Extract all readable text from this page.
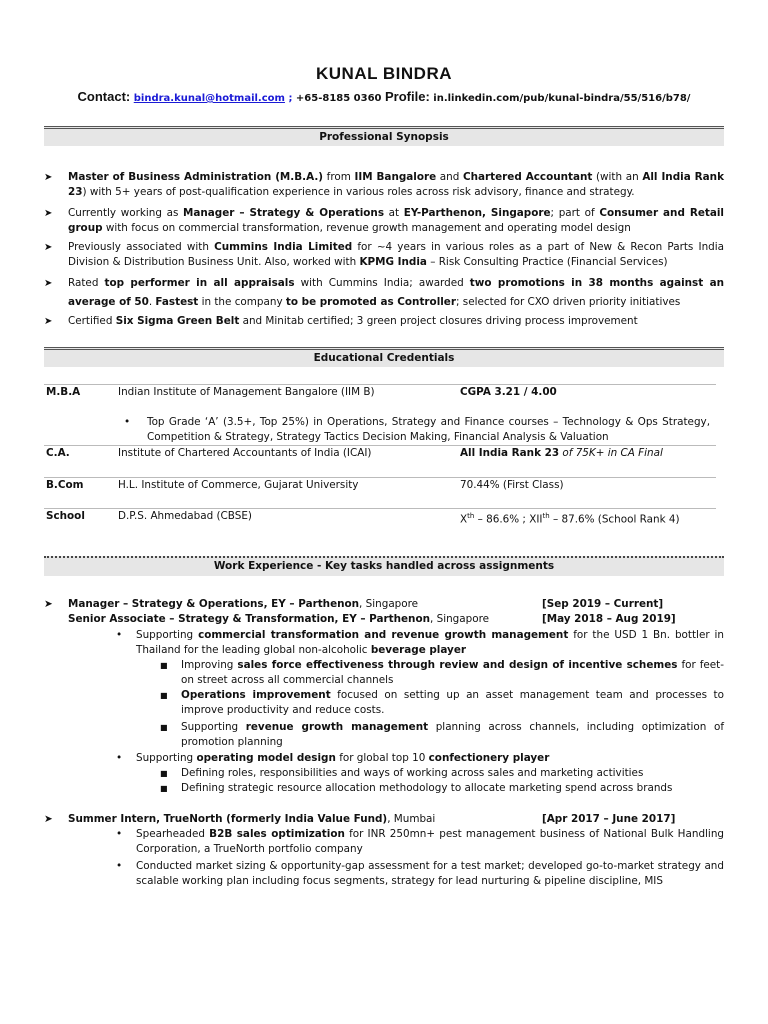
KUNAL BINDRA
Contact: bindra.kunal@hotmail.com ; +65-8185 0360 Profile: in.linkedin.com/pub/kunal-bindra/55/516/b78/
Professional Synopsis
➤ Master of Business Administration (M.B.A.) from IIM Bangalore and Chartered Accountant (with an All India Rank 23) with 5+ years of post-qualification experience in various roles across risk advisory, finance and strategy.
➤ Currently working as Manager – Strategy & Operations at EY-Parthenon, Singapore; part of Consumer and Retail group with focus on commercial transformation, revenue growth management and operating model design
➤ Previously associated with Cummins India Limited for ~4 years in various roles as a part of New & Recon Parts India Division & Distribution Business Unit. Also, worked with KPMG India – Risk Consulting Practice (Financial Services)
➤ Rated top performer in all appraisals with Cummins India; awarded two promotions in 38 months against an average of 50. Fastest in the company to be promoted as Controller; selected for CXO driven priority initiatives
➤ Certified Six Sigma Green Belt and Minitab certified; 3 green project closures driving process improvement
Educational Credentials
M.B.A	Indian Institute of Management Bangalore (IIM B)	CGPA 3.21 / 4.00
• Top Grade ‘A’ (3.5+, Top 25%) in Operations, Strategy and Finance courses – Technology & Ops Strategy, Competition & Strategy, Strategy Tactics Decision Making, Financial Analysis & Valuation
C.A.	Institute of Chartered Accountants of India (ICAI)	All India Rank 23 of 75K+ in CA Final
B.Com	H.L. Institute of Commerce, Gujarat University	70.44% (First Class)
School	D.P.S. Ahmedabad (CBSE)	Xth – 86.6% ; XIIth – 87.6% (School Rank 4)
Work Experience - Key tasks handled across assignments
➤ Manager – Strategy & Operations, EY – Parthenon, Singapore	[Sep 2019 – Current]
Senior Associate – Strategy & Transformation, EY – Parthenon, Singapore	[May 2018 – Aug 2019]
• Supporting commercial transformation and revenue growth management for the USD 1 Bn. bottler in Thailand for the leading global non-alcoholic beverage player
■ Improving sales force effectiveness through review and design of incentive schemes for feet-on street across all commercial channels
■ Operations improvement focused on setting up an asset management team and processes to improve productivity and reduce costs.
■ Supporting revenue growth management planning across channels, including optimization of promotion planning
• Supporting operating model design for global top 10 confectionery player
■ Defining roles, responsibilities and ways of working across sales and marketing activities
■ Defining strategic resource allocation methodology to allocate marketing spend across brands
➤ Summer Intern, TrueNorth (formerly India Value Fund), Mumbai	[Apr 2017 – June 2017]
• Spearheaded B2B sales optimization for INR 250mn+ pest management business of National Bulk Handling Corporation, a TrueNorth portfolio company
• Conducted market sizing & opportunity-gap assessment for a test market; developed go-to-market strategy and scalable working plan including focus segments, strategy for lead nurturing & pipeline discipline, MIS
